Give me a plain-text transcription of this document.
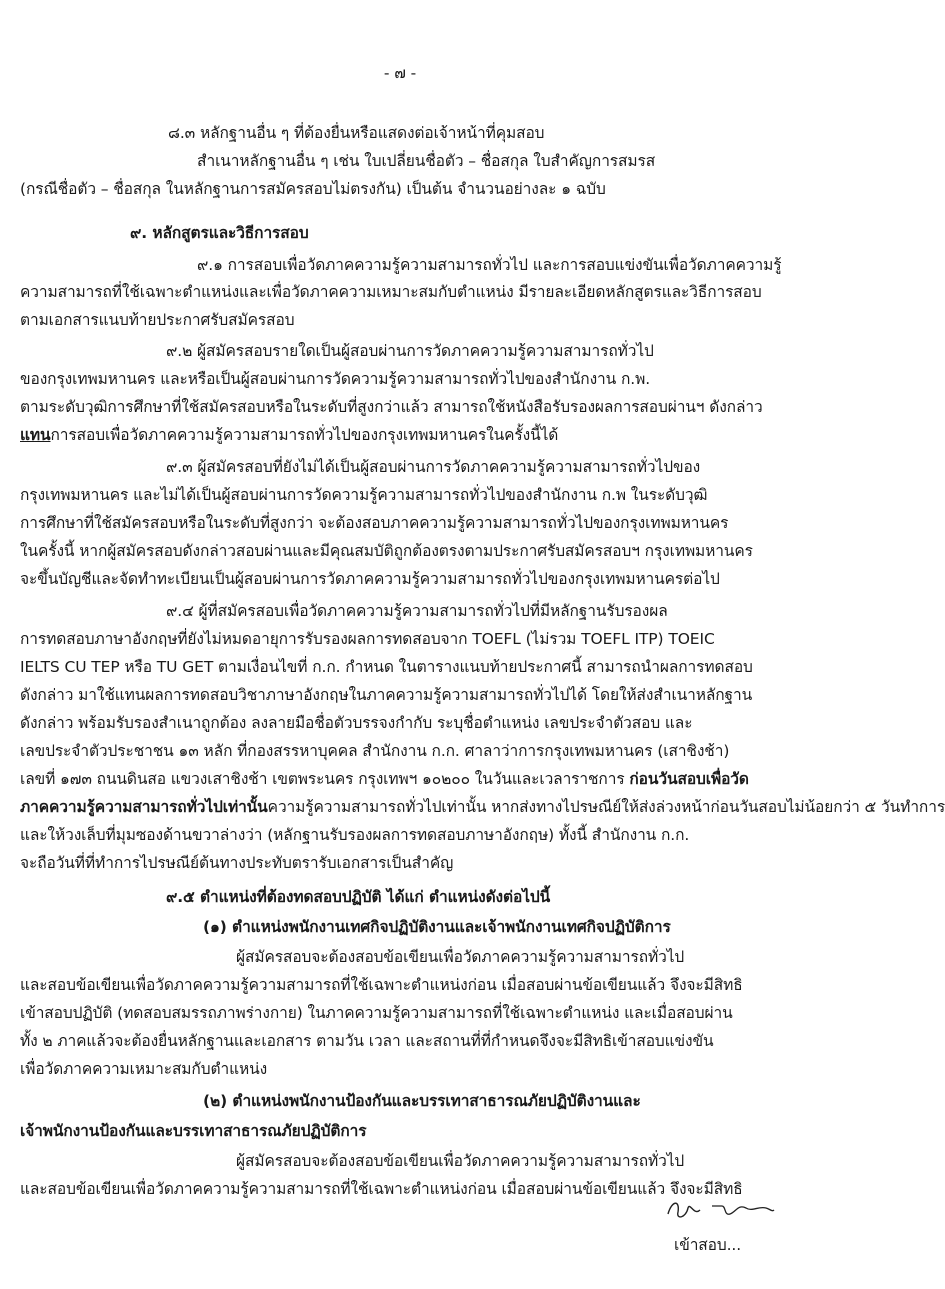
- ๗ -

๘.๓ หลักฐานอื่น ๆ ที่ต้องยื่นหรือแสดงต่อเจ้าหน้าที่คุมสอบ

สำเนาหลักฐานอื่น ๆ เช่น ใบเปลี่ยนชื่อตัว – ชื่อสกุล ใบสำคัญการสมรส

(กรณีชื่อตัว – ชื่อสกุล ในหลักฐานการสมัครสอบไม่ตรงกัน) เป็นต้น จำนวนอย่างละ ๑ ฉบับ

๙. หลักสูตรและวิธีการสอบ

๙.๑ การสอบเพื่อวัดภาคความรู้ความสามารถทั่วไป และการสอบแข่งขันเพื่อวัดภาคความรู้

ความสามารถที่ใช้เฉพาะตำแหน่งและเพื่อวัดภาคความเหมาะสมกับตำแหน่ง มีรายละเอียดหลักสูตรและวิธีการสอบ

ตามเอกสารแนบท้ายประกาศรับสมัครสอบ

๙.๒ ผู้สมัครสอบรายใดเป็นผู้สอบผ่านการวัดภาคความรู้ความสามารถทั่วไป

ของกรุงเทพมหานคร และหรือเป็นผู้สอบผ่านการวัดความรู้ความสามารถทั่วไปของสำนักงาน ก.พ.

ตามระดับวุฒิการศึกษาที่ใช้สมัครสอบหรือในระดับที่สูงกว่าแล้ว สามารถใช้หนังสือรับรองผลการสอบผ่านฯ ดังกล่าว

แทนการสอบเพื่อวัดภาคความรู้ความสามารถทั่วไปของกรุงเทพมหานครในครั้งนี้ได้

๙.๓ ผู้สมัครสอบที่ยังไม่ได้เป็นผู้สอบผ่านการวัดภาคความรู้ความสามารถทั่วไปของ

กรุงเทพมหานคร และไม่ได้เป็นผู้สอบผ่านการวัดความรู้ความสามารถทั่วไปของสำนักงาน ก.พ ในระดับวุฒิ

การศึกษาที่ใช้สมัครสอบหรือในระดับที่สูงกว่า จะต้องสอบภาคความรู้ความสามารถทั่วไปของกรุงเทพมหานคร

ในครั้งนี้ หากผู้สมัครสอบดังกล่าวสอบผ่านและมีคุณสมบัติถูกต้องตรงตามประกาศรับสมัครสอบฯ กรุงเทพมหานคร

จะขึ้นบัญชีและจัดทำทะเบียนเป็นผู้สอบผ่านการวัดภาคความรู้ความสามารถทั่วไปของกรุงเทพมหานครต่อไป

๙.๔ ผู้ที่สมัครสอบเพื่อวัดภาคความรู้ความสามารถทั่วไปที่มีหลักฐานรับรองผล

การทดสอบภาษาอังกฤษที่ยังไม่หมดอายุการรับรองผลการทดสอบจาก TOEFL (ไม่รวม TOEFL ITP) TOEIC

IELTS CU TEP หรือ TU GET ตามเงื่อนไขที่ ก.ก. กำหนด ในตารางแนบท้ายประกาศนี้ สามารถนำผลการทดสอบ

ดังกล่าว มาใช้แทนผลการทดสอบวิชาภาษาอังกฤษในภาคความรู้ความสามารถทั่วไปได้ โดยให้ส่งสำเนาหลักฐาน

ดังกล่าว พร้อมรับรองสำเนาถูกต้อง ลงลายมือชื่อตัวบรรจงกำกับ ระบุชื่อตำแหน่ง เลขประจำตัวสอบ และ

เลขประจำตัวประชาชน ๑๓ หลัก ที่กองสรรหาบุคคล สำนักงาน ก.ก. ศาลาว่าการกรุงเทพมหานคร (เสาชิงช้า)

เลขที่ ๑๗๓ ถนนดินสอ แขวงเสาชิงช้า เขตพระนคร กรุงเทพฯ ๑๐๒๐๐ ในวันและเวลาราชการ ก่อนวันสอบเพื่อวัด

ภาคความรู้ความสามารถทั่วไปเท่านั้นความรู้ความสามารถทั่วไปเท่านั้น หากส่งทางไปรษณีย์ให้ส่งล่วงหน้าก่อนวันสอบไม่น้อยกว่า ๕ วันทำการ

และให้วงเล็บที่มุมซองด้านขวาล่างว่า (หลักฐานรับรองผลการทดสอบภาษาอังกฤษ) ทั้งนี้ สำนักงาน ก.ก.

จะถือวันที่ที่ทำการไปรษณีย์ต้นทางประทับตรารับเอกสารเป็นสำคัญ

๙.๕ ตำแหน่งที่ต้องทดสอบปฏิบัติ ได้แก่ ตำแหน่งดังต่อไปนี้

(๑) ตำแหน่งพนักงานเทศกิจปฏิบัติงานและเจ้าพนักงานเทศกิจปฏิบัติการ

ผู้สมัครสอบจะต้องสอบข้อเขียนเพื่อวัดภาคความรู้ความสามารถทั่วไป

และสอบข้อเขียนเพื่อวัดภาคความรู้ความสามารถที่ใช้เฉพาะตำแหน่งก่อน เมื่อสอบผ่านข้อเขียนแล้ว จึงจะมีสิทธิ

เข้าสอบปฏิบัติ (ทดสอบสมรรถภาพร่างกาย) ในภาคความรู้ความสามารถที่ใช้เฉพาะตำแหน่ง และเมื่อสอบผ่าน

ทั้ง ๒ ภาคแล้วจะต้องยื่นหลักฐานและเอกสาร ตามวัน เวลา และสถานที่ที่กำหนดจึงจะมีสิทธิเข้าสอบแข่งขัน

เพื่อวัดภาคความเหมาะสมกับตำแหน่ง

(๒) ตำแหน่งพนักงานป้องกันและบรรเทาสาธารณภัยปฏิบัติงานและ

เจ้าพนักงานป้องกันและบรรเทาสาธารณภัยปฏิบัติการ

ผู้สมัครสอบจะต้องสอบข้อเขียนเพื่อวัดภาคความรู้ความสามารถทั่วไป

และสอบข้อเขียนเพื่อวัดภาคความรู้ความสามารถที่ใช้เฉพาะตำแหน่งก่อน เมื่อสอบผ่านข้อเขียนแล้ว จึงจะมีสิทธิ

เข้าสอบ...
